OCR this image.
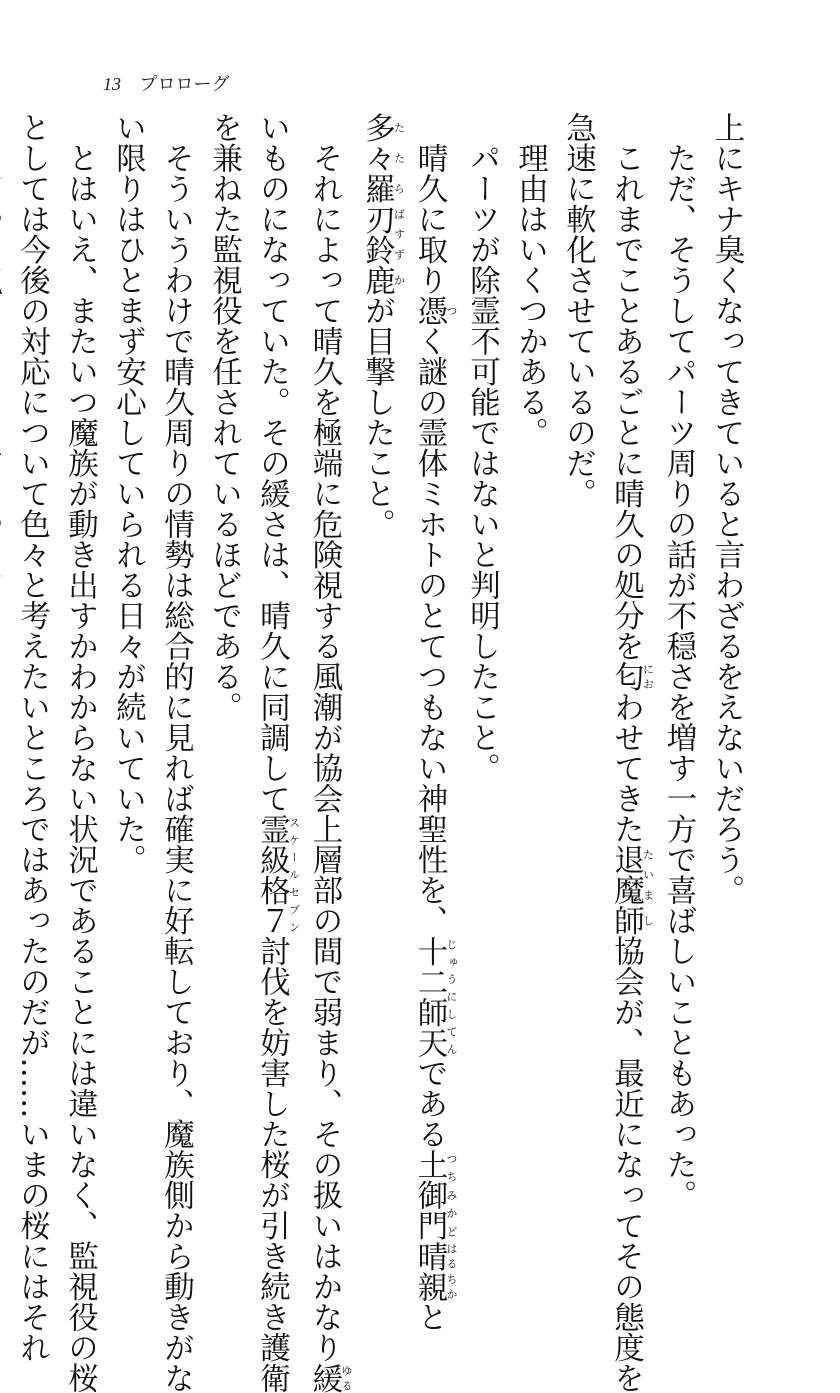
13 プロローグ
上にキナ臭くなってきていると言わざるをえないだろう。
　ただ、そうしてパーツ周りの話が不穏さを増す一方で喜ばしいこともあった。
　これまでことあるごとに晴久の処分を匂におわせてきた退魔たいま師し協会が、最近になってその態度を
急速に軟化させているのだ。
　理由はいくつかある。
　パーツが除霊不可能ではないと判明したこと。
　晴久に取り憑つく謎の霊体ミホトのとてつもない神聖性を、十二師天じゅうにしてんである土御門つちみかど晴親はるちかと
多々羅たたら刃鈴ばすず鹿かが目撃したこと。
　それによって晴久を極端に危険視する風潮が協会上層部の間で弱まり、その扱いはかなり緩ゆる
いものになっていた。その緩さは、晴久に同調して霊級格７スケールセブン討伐を妨害した桜が引き続き護衛
を兼ねた監視役を任されているほどである。
　そういうわけで晴久周りの情勢は総合的に見れば確実に好転しており、魔族側から動きがな
い限りはひとまず安心していられる日々が続いていた。
　とはいえ、またいつ魔族が動き出すかわからない状況であることには違いなく、監視役の桜
としては今後の対応について色々と考えたいところではあったのだが……いまの桜にはそれ
